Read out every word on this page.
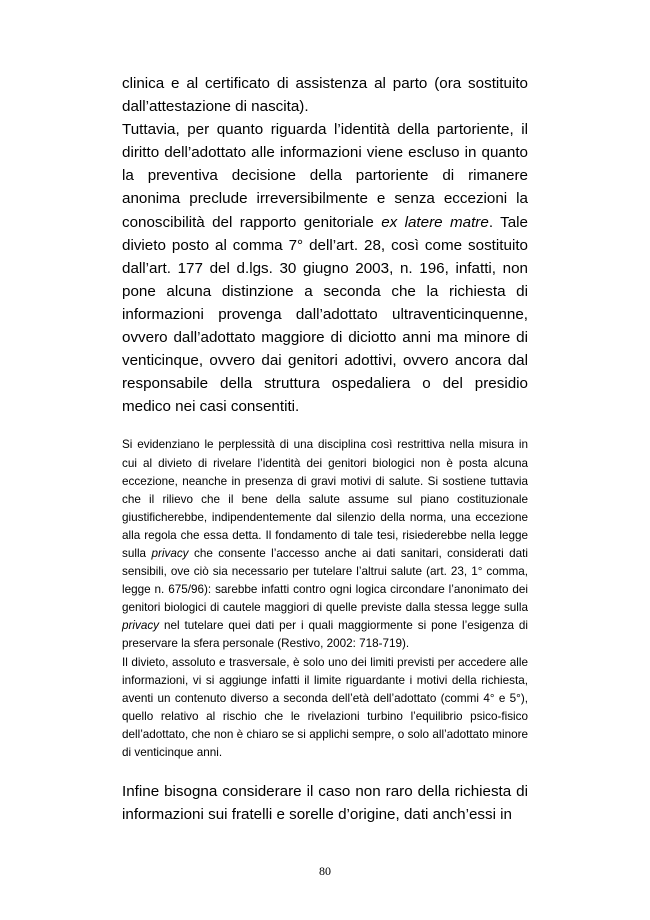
clinica e al certificato di assistenza al parto (ora sostituito dall’attestazione di nascita).

Tuttavia, per quanto riguarda l’identità della partoriente, il diritto dell’adottato alle informazioni viene escluso in quanto la preventiva decisione della partoriente di rimanere anonima preclude irreversibilmente e senza eccezioni la conoscibilità del rapporto genitoriale ex latere matre. Tale divieto posto al comma 7° dell’art. 28, così come sostituito dall’art. 177 del d.lgs. 30 giugno 2003, n. 196, infatti, non pone alcuna distinzione a seconda che la richiesta di informazioni provenga dall’adottato ultraventicinquenne, ovvero dall’adottato maggiore di diciotto anni ma minore di venticinque, ovvero dai genitori adottivi, ovvero ancora dal responsabile della struttura ospedaliera o del presidio medico nei casi consentiti.

Si evidenziano le perplessità di una disciplina così restrittiva nella misura in cui al divieto di rivelare l’identità dei genitori biologici non è posta alcuna eccezione, neanche in presenza di gravi motivi di salute. Si sostiene tuttavia che il rilievo che il bene della salute assume sul piano costituzionale giustificherebbe, indipendentemente dal silenzio della norma, una eccezione alla regola che essa detta. Il fondamento di tale tesi, risiederebbe nella legge sulla privacy che consente l’accesso anche ai dati sanitari, considerati dati sensibili, ove ciò sia necessario per tutelare l’altrui salute (art. 23, 1° comma, legge n. 675/96): sarebbe infatti contro ogni logica circondare l’anonimato dei genitori biologici di cautele maggiori di quelle previste dalla stessa legge sulla privacy nel tutelare quei dati per i quali maggiormente si pone l’esigenza di preservare la sfera personale (Restivo, 2002: 718-719).

Il divieto, assoluto e trasversale, è solo uno dei limiti previsti per accedere alle informazioni, vi si aggiunge infatti il limite riguardante i motivi della richiesta, aventi un contenuto diverso a seconda dell’età dell’adottato (commi 4° e 5°), quello relativo al rischio che le rivelazioni turbino l’equilibrio psico-fisico dell’adottato, che non è chiaro se si applichi sempre, o solo all’adottato minore di venticinque anni.

Infine bisogna considerare il caso non raro della richiesta di informazioni sui fratelli e sorelle d’origine, dati anch’essi in

80
